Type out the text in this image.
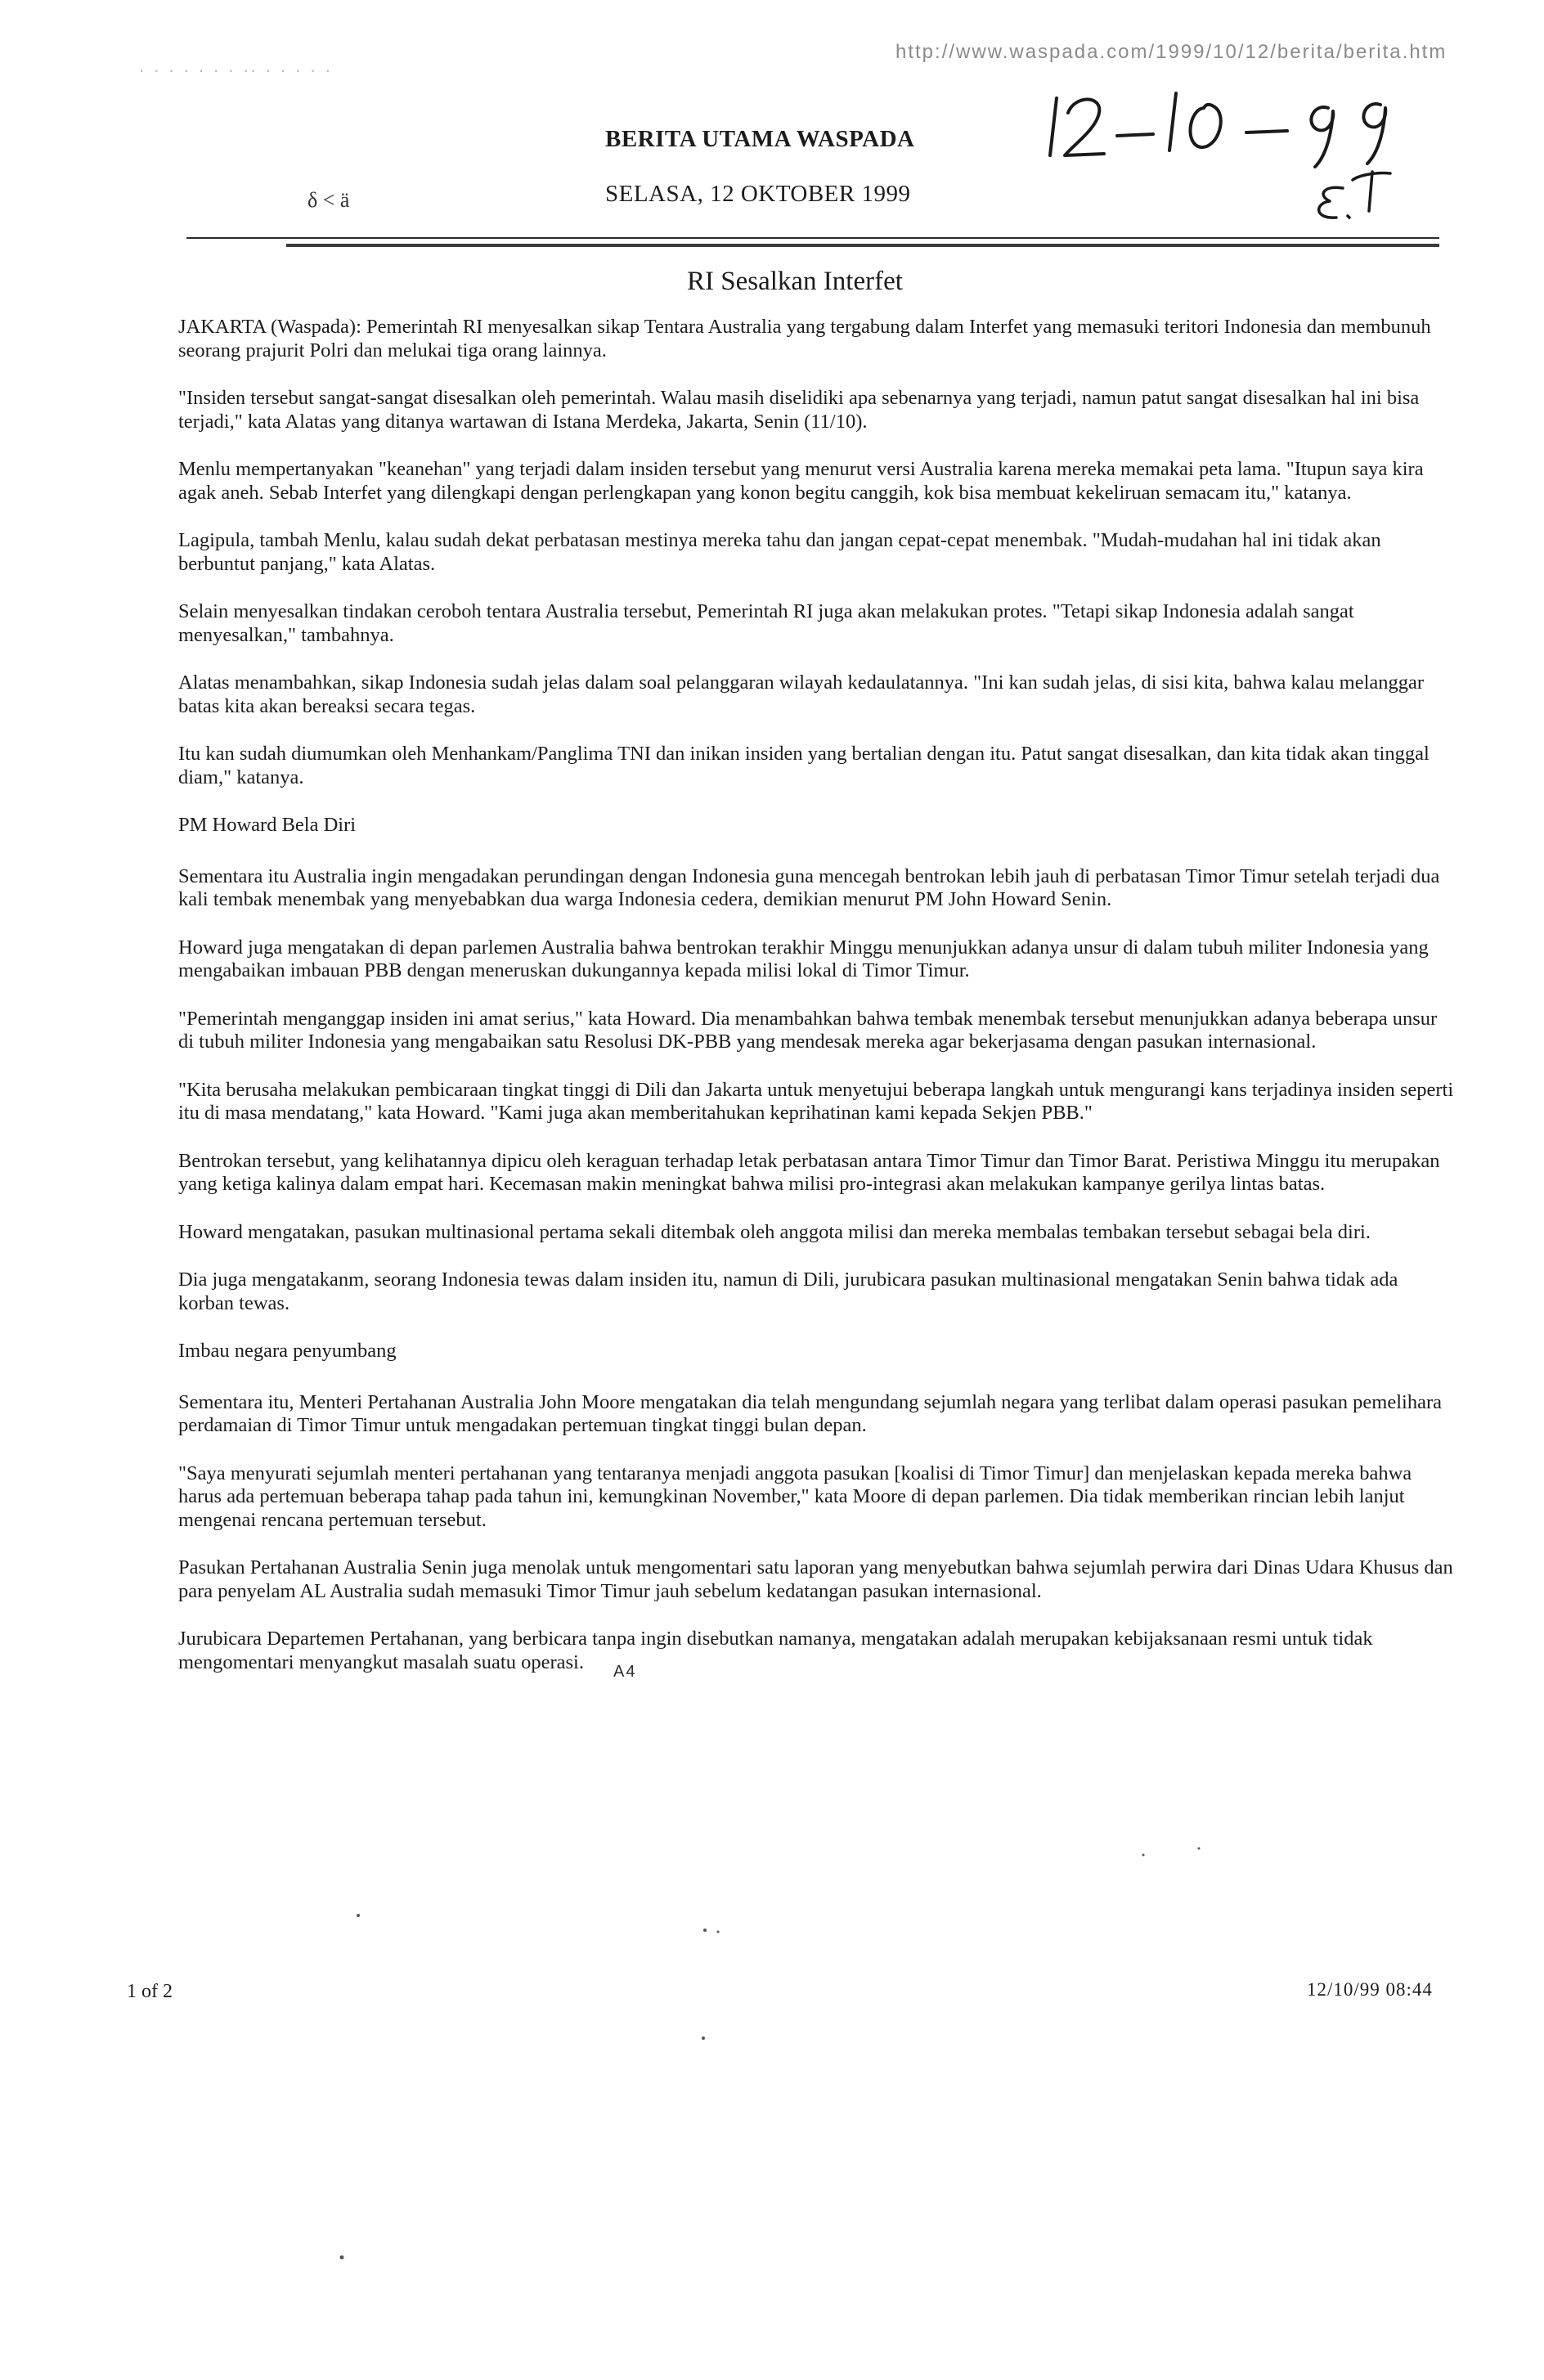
. . . . . . . .. . . . . .
http://www.waspada.com/1999/10/12/berita/berita.htm
δ < ä
BERITA UTAMA WASPADA
SELASA, 12 OKTOBER 1999
RI Sesalkan Interfet

JAKARTA (Waspada): Pemerintah RI menyesalkan sikap Tentara Australia yang tergabung dalam Interfet yang memasuki teritori Indonesia dan membunuh seorang prajurit Polri dan melukai tiga orang lainnya.

"Insiden tersebut sangat-sangat disesalkan oleh pemerintah. Walau masih diselidiki apa sebenarnya yang terjadi, namun patut sangat disesalkan hal ini bisa terjadi," kata Alatas yang ditanya wartawan di Istana Merdeka, Jakarta, Senin (11/10).

Menlu mempertanyakan "keanehan" yang terjadi dalam insiden tersebut yang menurut versi Australia karena mereka memakai peta lama. "Itupun saya kira agak aneh. Sebab Interfet yang dilengkapi dengan perlengkapan yang konon begitu canggih, kok bisa membuat kekeliruan semacam itu," katanya.

Lagipula, tambah Menlu, kalau sudah dekat perbatasan mestinya mereka tahu dan jangan cepat-cepat menembak. "Mudah-mudahan hal ini tidak akan berbuntut panjang," kata Alatas.

Selain menyesalkan tindakan ceroboh tentara Australia tersebut, Pemerintah RI juga akan melakukan protes. "Tetapi sikap Indonesia adalah sangat menyesalkan," tambahnya.

Alatas menambahkan, sikap Indonesia sudah jelas dalam soal pelanggaran wilayah kedaulatannya. "Ini kan sudah jelas, di sisi kita, bahwa kalau melanggar batas kita akan bereaksi secara tegas.

Itu kan sudah diumumkan oleh Menhankam/Panglima TNI dan inikan insiden yang bertalian dengan itu. Patut sangat disesalkan, dan kita tidak akan tinggal diam," katanya.

PM Howard Bela Diri

Sementara itu Australia ingin mengadakan perundingan dengan Indonesia guna mencegah bentrokan lebih jauh di perbatasan Timor Timur setelah terjadi dua kali tembak menembak yang menyebabkan dua warga Indonesia cedera, demikian menurut PM John Howard Senin.

Howard juga mengatakan di depan parlemen Australia bahwa bentrokan terakhir Minggu menunjukkan adanya unsur di dalam tubuh militer Indonesia yang mengabaikan imbauan PBB dengan meneruskan dukungannya kepada milisi lokal di Timor Timur.

"Pemerintah menganggap insiden ini amat serius," kata Howard. Dia menambahkan bahwa tembak menembak tersebut menunjukkan adanya beberapa unsur di tubuh militer Indonesia yang mengabaikan satu Resolusi DK-PBB yang mendesak mereka agar bekerjasama dengan pasukan internasional.

"Kita berusaha melakukan pembicaraan tingkat tinggi di Dili dan Jakarta untuk menyetujui beberapa langkah untuk mengurangi kans terjadinya insiden seperti itu di masa mendatang," kata Howard. "Kami juga akan memberitahukan keprihatinan kami kepada Sekjen PBB."

Bentrokan tersebut, yang kelihatannya dipicu oleh keraguan terhadap letak perbatasan antara Timor Timur dan Timor Barat. Peristiwa Minggu itu merupakan yang ketiga kalinya dalam empat hari. Kecemasan makin meningkat bahwa milisi pro-integrasi akan melakukan kampanye gerilya lintas batas.

Howard mengatakan, pasukan multinasional pertama sekali ditembak oleh anggota milisi dan mereka membalas tembakan tersebut sebagai bela diri.

Dia juga mengatakanm, seorang Indonesia tewas dalam insiden itu, namun di Dili, jurubicara pasukan multinasional mengatakan Senin bahwa tidak ada korban tewas.

Imbau negara penyumbang

Sementara itu, Menteri Pertahanan Australia John Moore mengatakan dia telah mengundang sejumlah negara yang terlibat dalam operasi pasukan pemelihara perdamaian di Timor Timur untuk mengadakan pertemuan tingkat tinggi bulan depan.

"Saya menyurati sejumlah menteri pertahanan yang tentaranya menjadi anggota pasukan [koalisi di Timor Timur] dan menjelaskan kepada mereka bahwa harus ada pertemuan beberapa tahap pada tahun ini, kemungkinan November," kata Moore di depan parlemen. Dia tidak memberikan rincian lebih lanjut mengenai rencana pertemuan tersebut.

Pasukan Pertahanan Australia Senin juga menolak untuk mengomentari satu laporan yang menyebutkan bahwa sejumlah perwira dari Dinas Udara Khusus dan para penyelam AL Australia sudah memasuki Timor Timur jauh sebelum kedatangan pasukan internasional.

Jurubicara Departemen Pertahanan, yang berbicara tanpa ingin disebutkan namanya, mengatakan adalah merupakan kebijaksanaan resmi untuk tidak mengomentari menyangkut masalah suatu operasi. A4

1 of 2	12/10/99 08:44
